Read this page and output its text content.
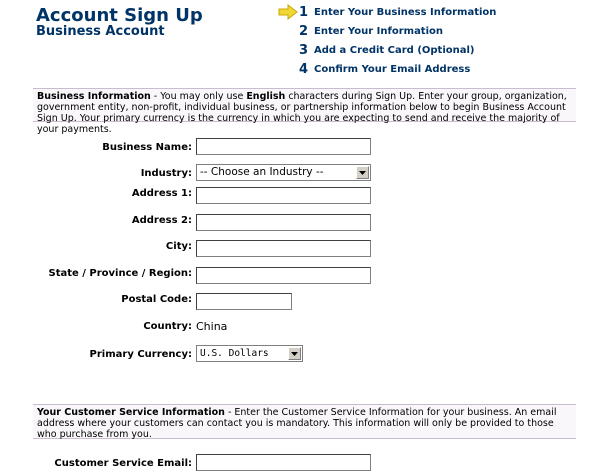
Account Sign Up
Business Account
1 Enter Your Business Information
2 Enter Your Information
3 Add a Credit Card (Optional)
4 Confirm Your Email Address
Business Information - You may only use English characters during Sign Up. Enter your group, organization, government entity, non-profit, individual business, or partnership information below to begin Business Account Sign Up. Your primary currency is the currency in which you are expecting to send and receive the majority of your payments.
Business Name:
Industry: -- Choose an Industry --
Address 1:
Address 2:
City:
State / Province / Region:
Postal Code:
Country: China
Primary Currency: U.S. Dollars
Your Customer Service Information - Enter the Customer Service Information for your business. An email address where your customers can contact you is mandatory. This information will only be provided to those who purchase from you.
Customer Service Email:
